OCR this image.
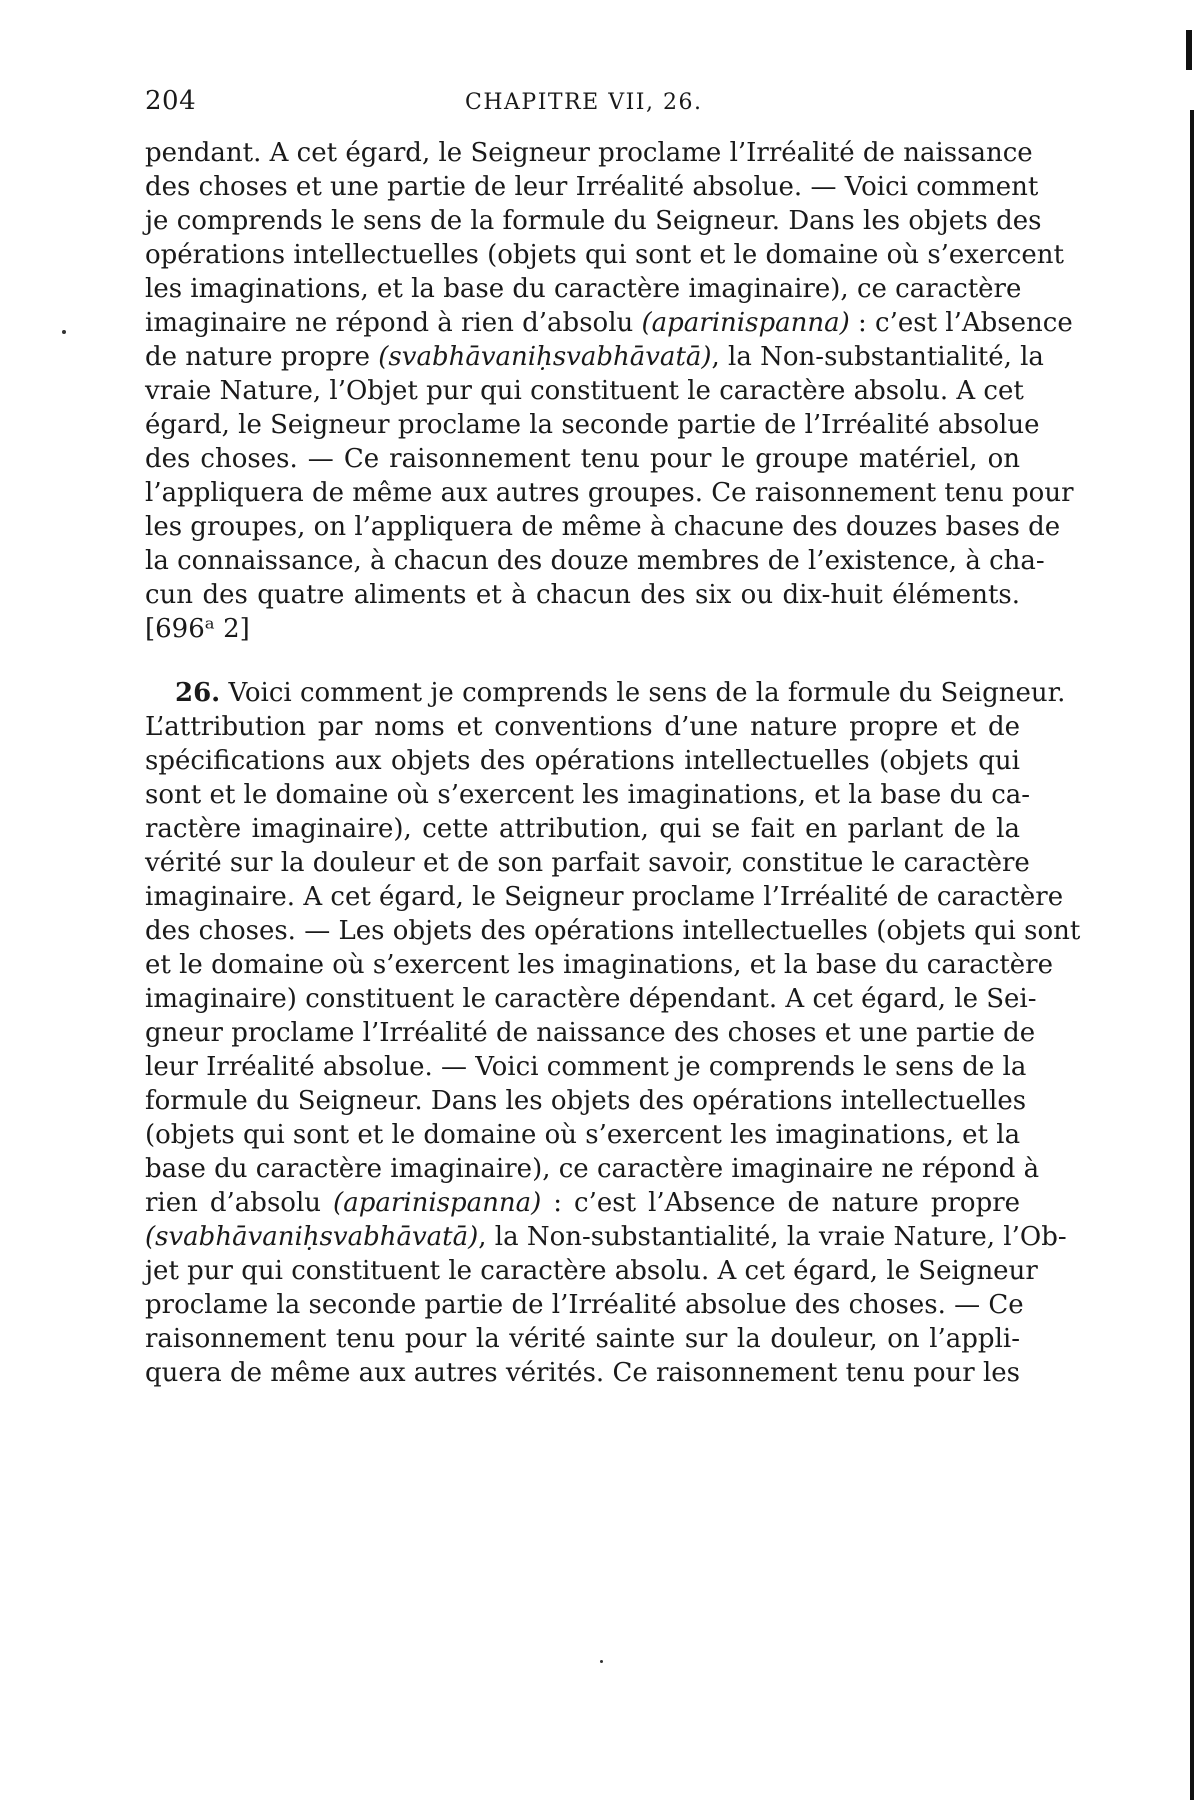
204	CHAPITRE VII, 26.
pendant. A cet égard, le Seigneur proclame l’Irréalité de naissance
des choses et une partie de leur Irréalité absolue. — Voici comment
je comprends le sens de la formule du Seigneur. Dans les objets des
opérations intellectuelles (objets qui sont et le domaine où s’exercent
les imaginations, et la base du caractère imaginaire), ce caractère
imaginaire ne répond à rien d’absolu (aparinispanna) : c’est l’Absence
de nature propre (svabhāvaniḥsvabhāvatā), la Non-substantialité, la
vraie Nature, l’Objet pur qui constituent le caractère absolu. A cet
égard, le Seigneur proclame la seconde partie de l’Irréalité absolue
des choses. — Ce raisonnement tenu pour le groupe matériel, on
l’appliquera de même aux autres groupes. Ce raisonnement tenu pour
les groupes, on l’appliquera de même à chacune des douzes bases de
la connaissance, à chacun des douze membres de l’existence, à cha-
cun des quatre aliments et à chacun des six ou dix-huit éléments.
[696ᵃ 2]
26. Voici comment je comprends le sens de la formule du Seigneur.
L’attribution par noms et conventions d’une nature propre et de
spécifications aux objets des opérations intellectuelles (objets qui
sont et le domaine où s’exercent les imaginations, et la base du ca-
ractère imaginaire), cette attribution, qui se fait en parlant de la
vérité sur la douleur et de son parfait savoir, constitue le caractère
imaginaire. A cet égard, le Seigneur proclame l’Irréalité de caractère
des choses. — Les objets des opérations intellectuelles (objets qui sont
et le domaine où s’exercent les imaginations, et la base du caractère
imaginaire) constituent le caractère dépendant. A cet égard, le Sei-
gneur proclame l’Irréalité de naissance des choses et une partie de
leur Irréalité absolue. — Voici comment je comprends le sens de la
formule du Seigneur. Dans les objets des opérations intellectuelles
(objets qui sont et le domaine où s’exercent les imaginations, et la
base du caractère imaginaire), ce caractère imaginaire ne répond à
rien d’absolu (aparinispanna) : c’est l’Absence de nature propre
(svabhāvaniḥsvabhāvatā), la Non-substantialité, la vraie Nature, l’Ob-
jet pur qui constituent le caractère absolu. A cet égard, le Seigneur
proclame la seconde partie de l’Irréalité absolue des choses. — Ce
raisonnement tenu pour la vérité sainte sur la douleur, on l’appli-
quera de même aux autres vérités. Ce raisonnement tenu pour les
